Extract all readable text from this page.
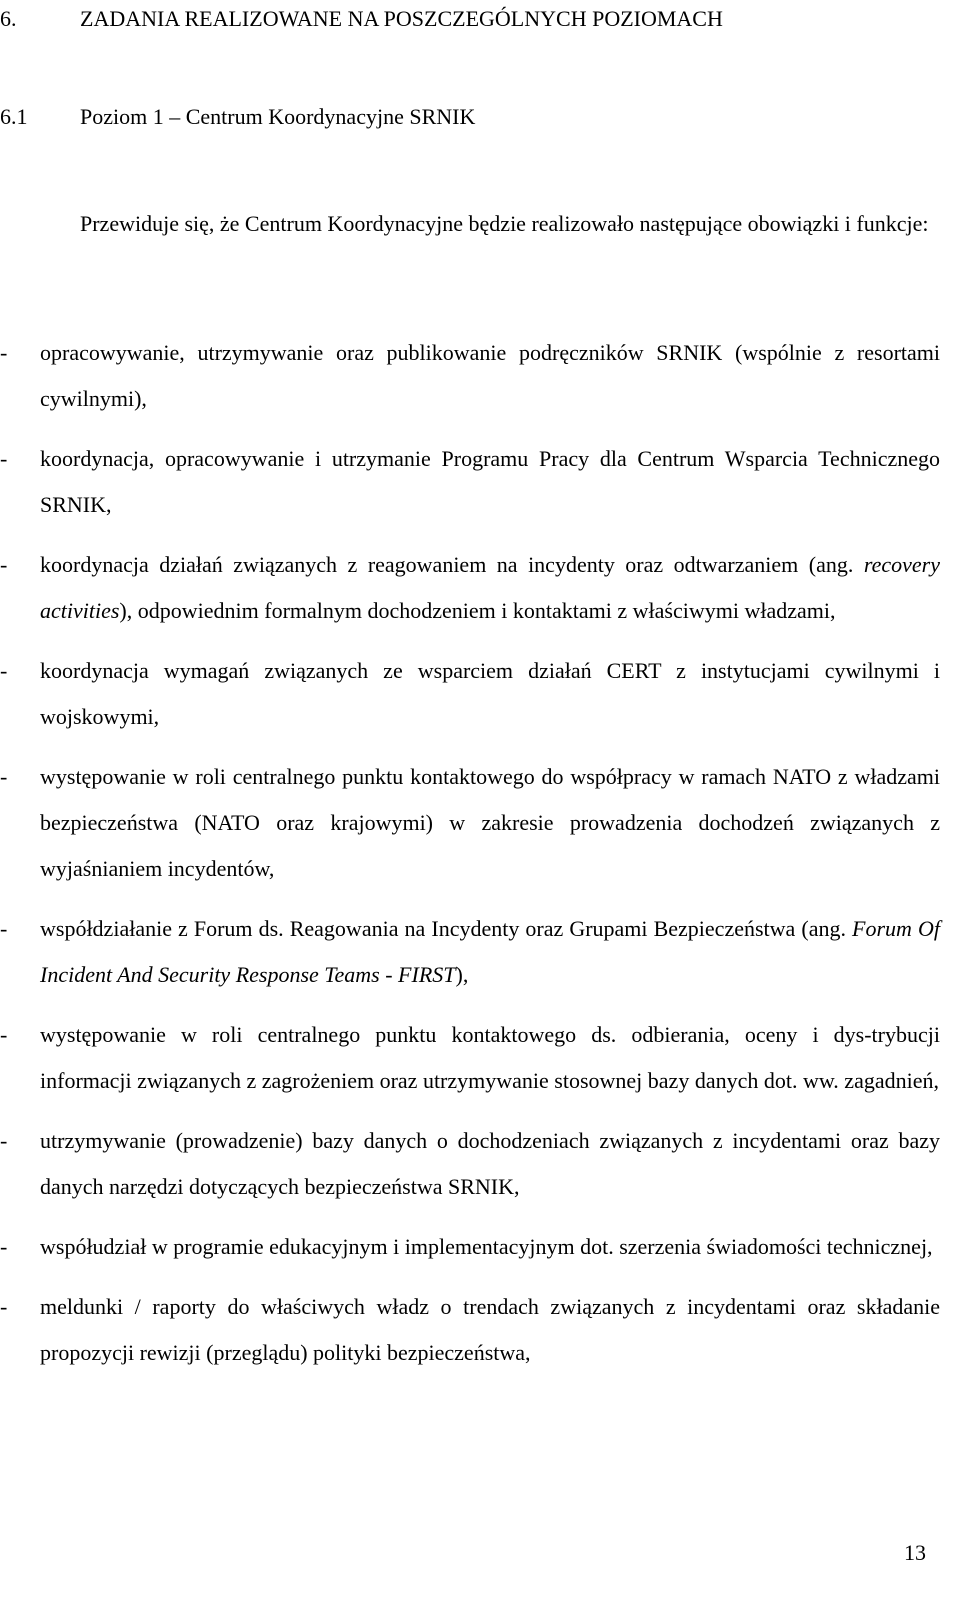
6.	ZADANIA REALIZOWANE NA POSZCZEGÓLNYCH POZIOMACH
6.1 Poziom 1 – Centrum Koordynacyjne SRNIK

Przewiduje się, że Centrum Koordynacyjne będzie realizowało następujące obowiązki i funkcje:

- opracowywanie, utrzymywanie oraz publikowanie podręczników SRNIK (wspólnie z resortami cywilnymi),
- koordynacja, opracowywanie i utrzymanie Programu Pracy dla Centrum Wsparcia Technicznego SRNIK,
- koordynacja działań związanych z reagowaniem na incydenty oraz odtwarzaniem (ang. recovery activities), odpowiednim formalnym dochodzeniem i kontaktami z właściwymi władzami,
- koordynacja wymagań związanych ze wsparciem działań CERT z instytucjami cywilnymi i wojskowymi,
- występowanie w roli centralnego punktu kontaktowego do współpracy w ramach NATO z władzami bezpieczeństwa (NATO oraz krajowymi) w zakresie prowadzenia dochodzeń związanych z wyjaśnianiem incydentów,
- współdziałanie z Forum ds. Reagowania na Incydenty oraz Grupami Bezpieczeństwa (ang. Forum Of Incident And Security Response Teams - FIRST),
- występowanie w roli centralnego punktu kontaktowego ds. odbierania, oceny i dys-trybucji informacji związanych z zagrożeniem oraz utrzymywanie stosownej bazy danych dot. ww. zagadnień,
- utrzymywanie (prowadzenie) bazy danych o dochodzeniach związanych z incydentami oraz bazy danych narzędzi dotyczących bezpieczeństwa SRNIK,
- współudział w programie edukacyjnym i implementacyjnym dot. szerzenia świadomości technicznej,
- meldunki / raporty do właściwych władz o trendach związanych z incydentami oraz składanie propozycji rewizji (przeglądu) polityki bezpieczeństwa,
13
